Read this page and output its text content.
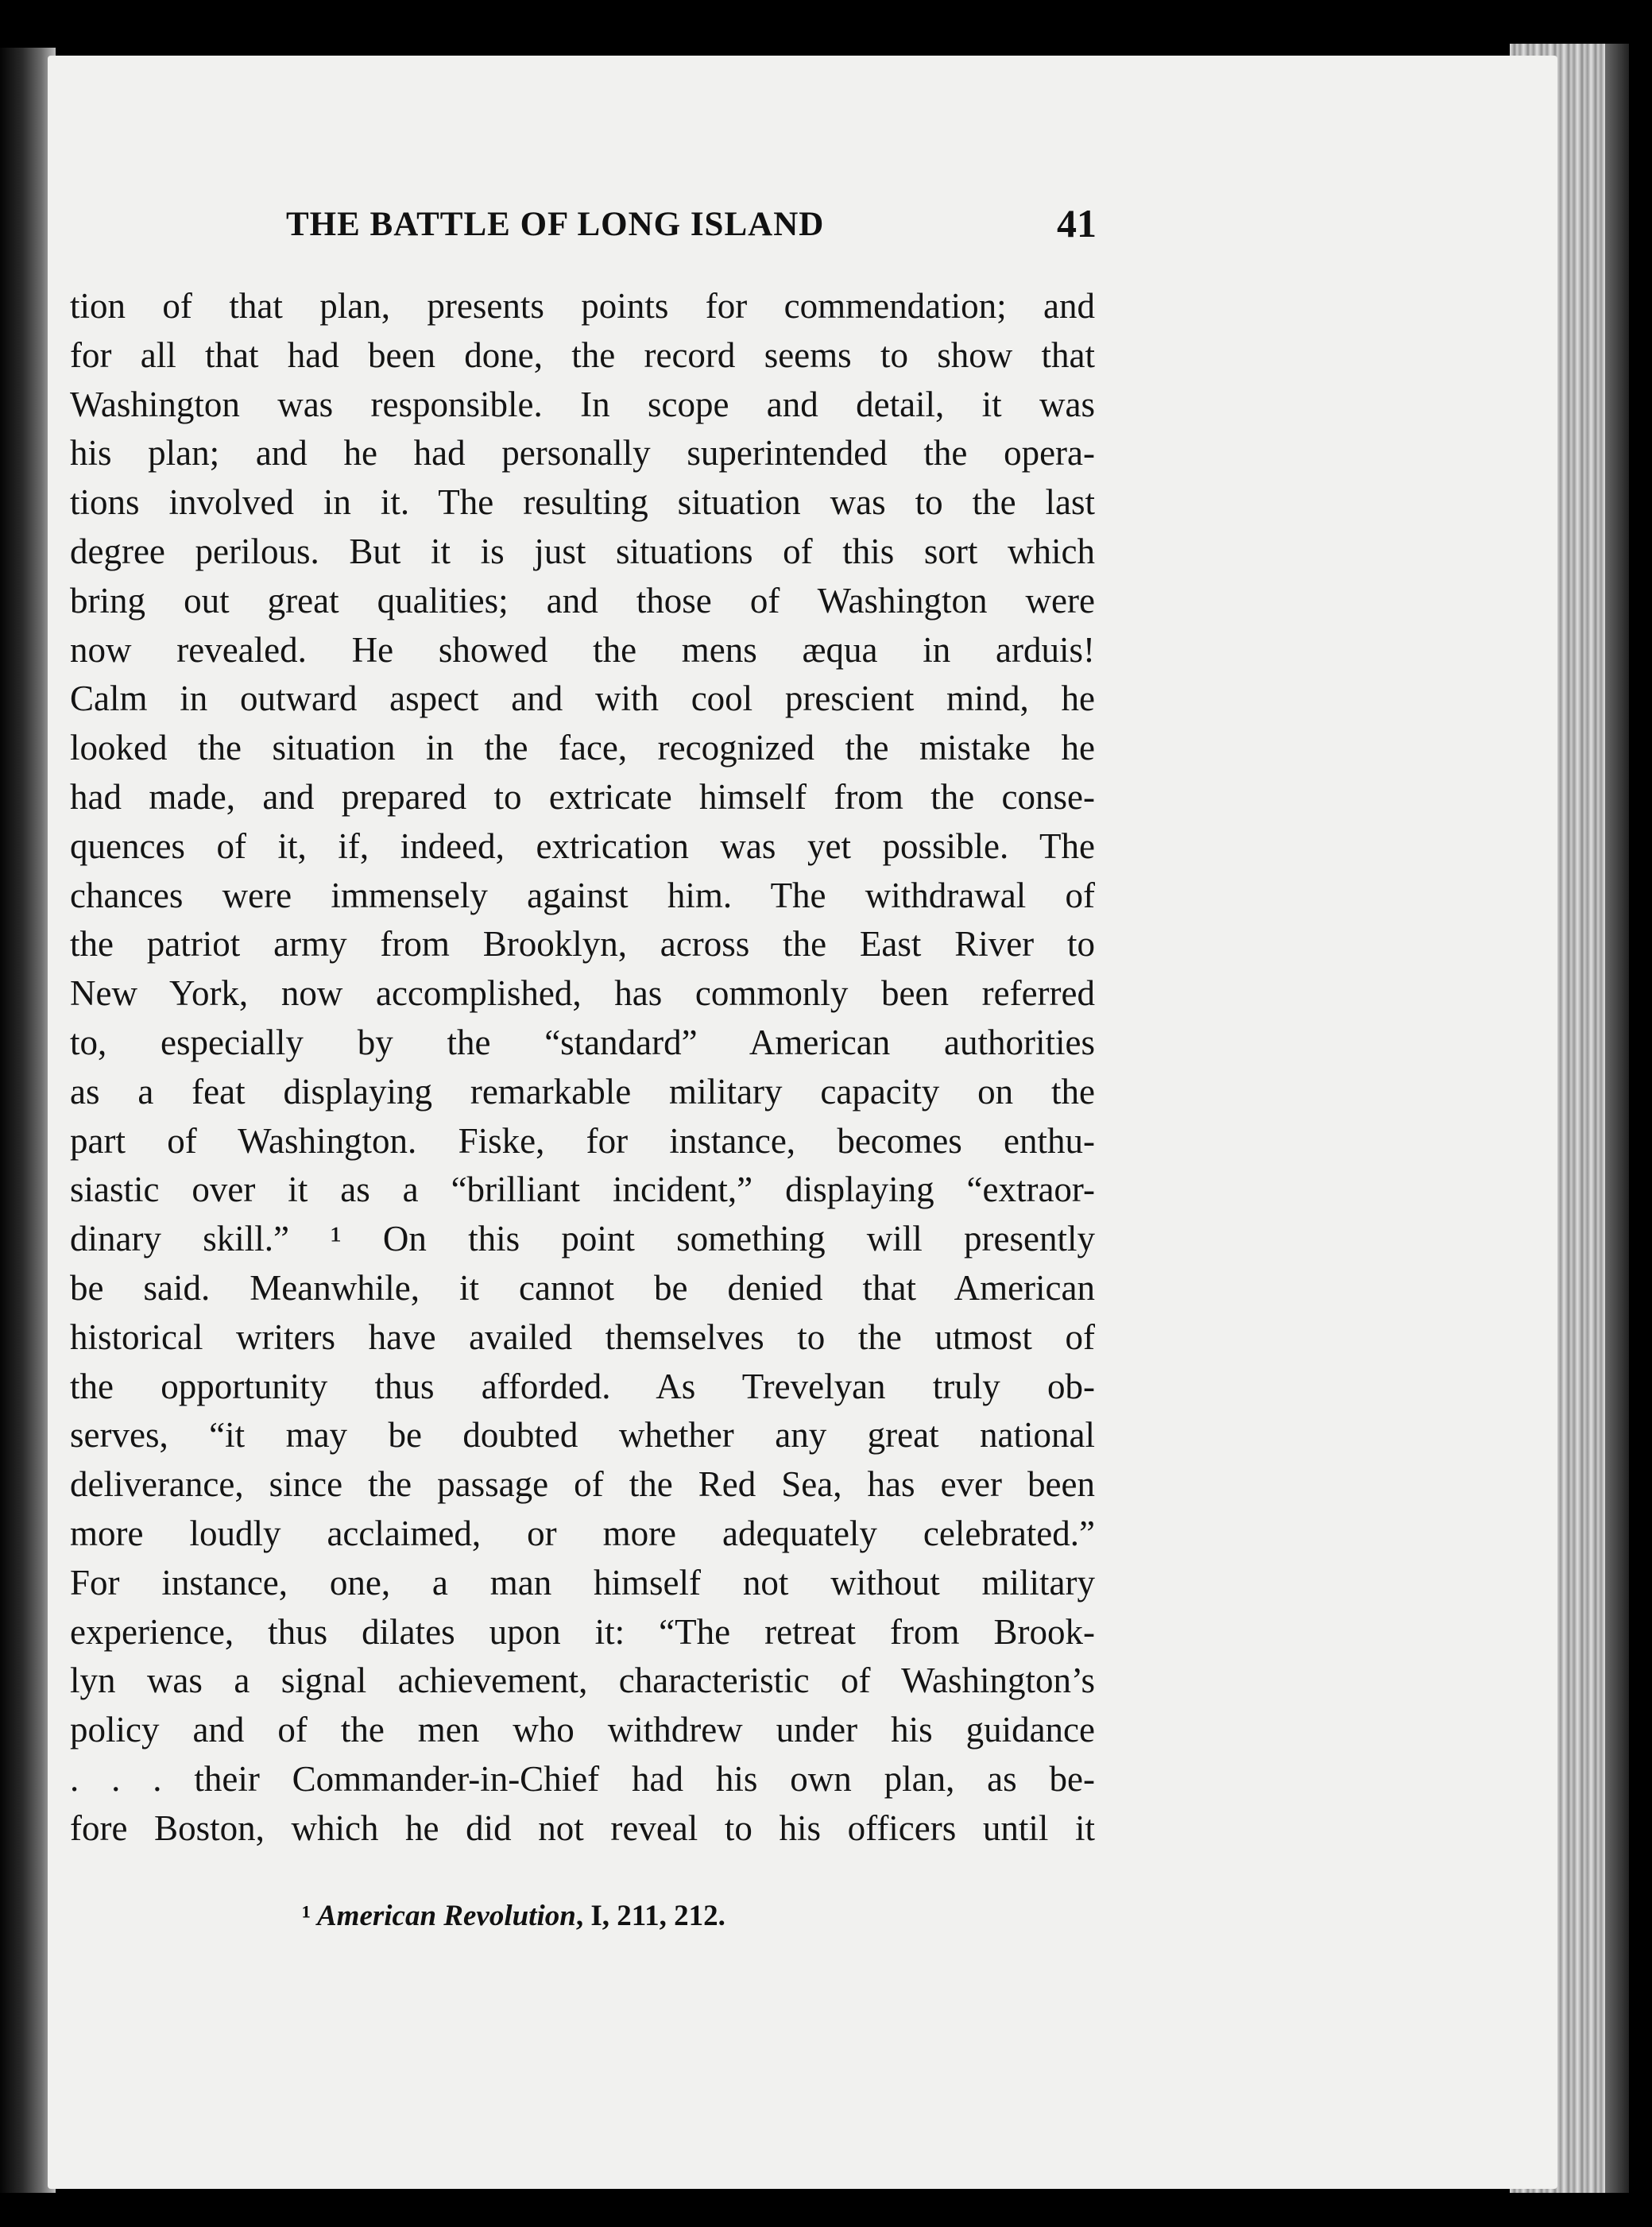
THE BATTLE OF LONG ISLAND	41
tion of that plan, presents points for commendation; and
for all that had been done, the record seems to show that
Washington was responsible. In scope and detail, it was
his plan; and he had personally superintended the opera-
tions involved in it. The resulting situation was to the last
degree perilous. But it is just situations of this sort which
bring out great qualities; and those of Washington were
now revealed. He showed the mens æqua in arduis!
Calm in outward aspect and with cool prescient mind, he
looked the situation in the face, recognized the mistake he
had made, and prepared to extricate himself from the conse-
quences of it, if, indeed, extrication was yet possible. The
chances were immensely against him. The withdrawal of
the patriot army from Brooklyn, across the East River to
New York, now accomplished, has commonly been referred
to, especially by the “standard” American authorities
as a feat displaying remarkable military capacity on the
part of Washington. Fiske, for instance, becomes enthu-
siastic over it as a “brilliant incident,” displaying “extraor-
dinary skill.” ¹ On this point something will presently
be said. Meanwhile, it cannot be denied that American
historical writers have availed themselves to the utmost of
the opportunity thus afforded. As Trevelyan truly ob-
serves, “it may be doubted whether any great national
deliverance, since the passage of the Red Sea, has ever been
more loudly acclaimed, or more adequately celebrated.”
For instance, one, a man himself not without military
experience, thus dilates upon it: “The retreat from Brook-
lyn was a signal achievement, characteristic of Washington’s
policy and of the men who withdrew under his guidance
. . . their Commander-in-Chief had his own plan, as be-
fore Boston, which he did not reveal to his officers until it
¹ American Revolution, I, 211, 212.
